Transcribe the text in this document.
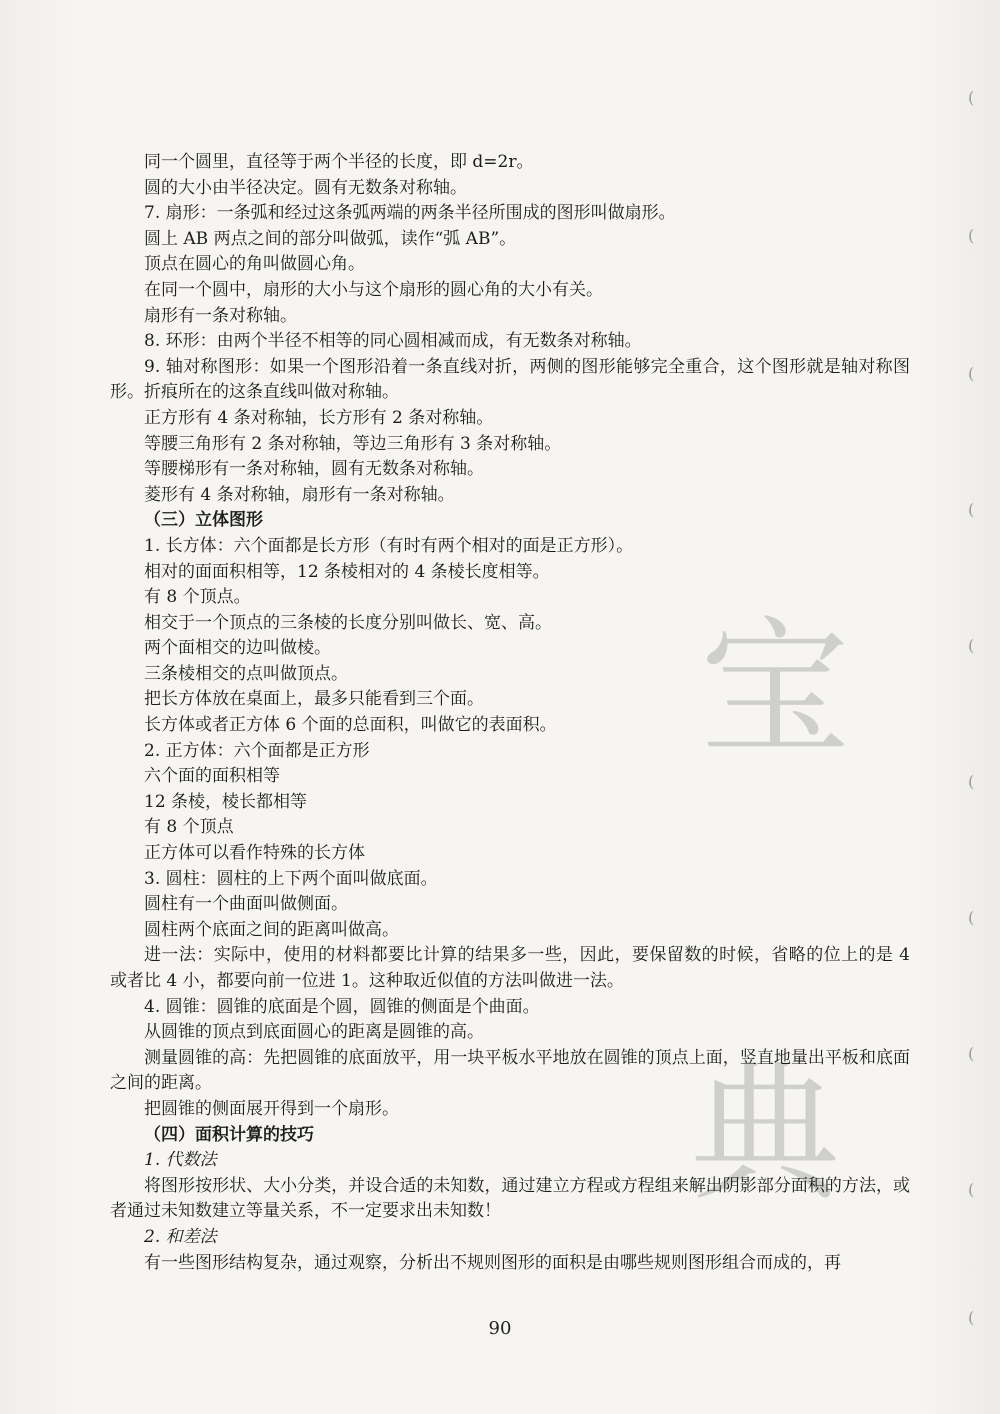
宝
典
(
(
(
(
(
(
(
(
(
(
同一个圆里，直径等于两个半径的长度，即 d=2r。
圆的大小由半径决定。圆有无数条对称轴。
7. 扇形：一条弧和经过这条弧两端的两条半径所围成的图形叫做扇形。
圆上 AB 两点之间的部分叫做弧，读作“弧 AB”。
顶点在圆心的角叫做圆心角。
在同一个圆中，扇形的大小与这个扇形的圆心角的大小有关。
扇形有一条对称轴。
8. 环形：由两个半径不相等的同心圆相减而成，有无数条对称轴。
9. 轴对称图形：如果一个图形沿着一条直线对折，两侧的图形能够完全重合，这个图形就是轴对称图形。折痕所在的这条直线叫做对称轴。
正方形有 4 条对称轴，长方形有 2 条对称轴。
等腰三角形有 2 条对称轴，等边三角形有 3 条对称轴。
等腰梯形有一条对称轴，圆有无数条对称轴。
菱形有 4 条对称轴，扇形有一条对称轴。
（三）立体图形
1. 长方体：六个面都是长方形（有时有两个相对的面是正方形）。
相对的面面积相等，12 条棱相对的 4 条棱长度相等。
有 8 个顶点。
相交于一个顶点的三条棱的长度分别叫做长、宽、高。
两个面相交的边叫做棱。
三条棱相交的点叫做顶点。
把长方体放在桌面上，最多只能看到三个面。
长方体或者正方体 6 个面的总面积，叫做它的表面积。
2. 正方体：六个面都是正方形
六个面的面积相等
12 条棱，棱长都相等
有 8 个顶点
正方体可以看作特殊的长方体
3. 圆柱：圆柱的上下两个面叫做底面。
圆柱有一个曲面叫做侧面。
圆柱两个底面之间的距离叫做高。
进一法：实际中，使用的材料都要比计算的结果多一些，因此，要保留数的时候，省略的位上的是 4 或者比 4 小，都要向前一位进 1。这种取近似值的方法叫做进一法。
4. 圆锥：圆锥的底面是个圆，圆锥的侧面是个曲面。
从圆锥的顶点到底面圆心的距离是圆锥的高。
测量圆锥的高：先把圆锥的底面放平，用一块平板水平地放在圆锥的顶点上面，竖直地量出平板和底面之间的距离。
把圆锥的侧面展开得到一个扇形。
（四）面积计算的技巧
1. 代数法
将图形按形状、大小分类，并设合适的未知数，通过建立方程或方程组来解出阴影部分面积的方法，或者通过未知数建立等量关系，不一定要求出未知数！
2. 和差法
有一些图形结构复杂，通过观察，分析出不规则图形的面积是由哪些规则图形组合而成的，再
90
